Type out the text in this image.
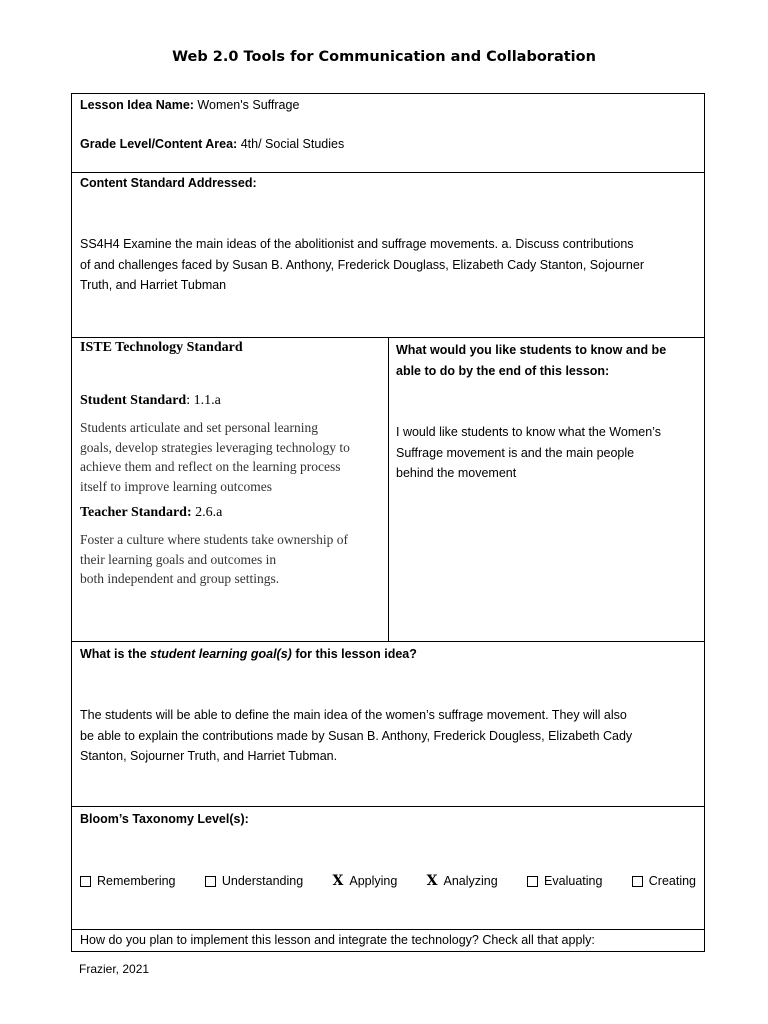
Web 2.0 Tools for Communication and Collaboration
Lesson Idea Name: Women's Suffrage
Grade Level/Content Area: 4th/ Social Studies
Content Standard Addressed:
SS4H4 Examine the main ideas of the abolitionist and suffrage movements. a. Discuss contributions
of and challenges faced by Susan B. Anthony, Frederick Douglass, Elizabeth Cady Stanton, Sojourner
Truth, and Harriet Tubman
ISTE Technology Standard
Student Standard: 1.1.a
Students articulate and set personal learning
goals, develop strategies leveraging technology to
achieve them and reflect on the learning process
itself to improve learning outcomes
Teacher Standard: 2.6.a
Foster a culture where students take ownership of
their learning goals and outcomes in
both independent and group settings.
What would you like students to know and be
able to do by the end of this lesson:
I would like students to know what the Women’s
Suffrage movement is and the main people
behind the movement
What is the student learning goal(s) for this lesson idea?
The students will be able to define the main idea of the women’s suffrage movement. They will also
be able to explain the contributions made by Susan B. Anthony, Frederick Dougless, Elizabeth Cady
Stanton, Sojourner Truth, and Harriet Tubman.
Bloom’s Taxonomy Level(s):
Remembering	Understanding X Applying X Analyzing	Evaluating	Creating
How do you plan to implement this lesson and integrate the technology? Check all that apply:
Frazier, 2021
